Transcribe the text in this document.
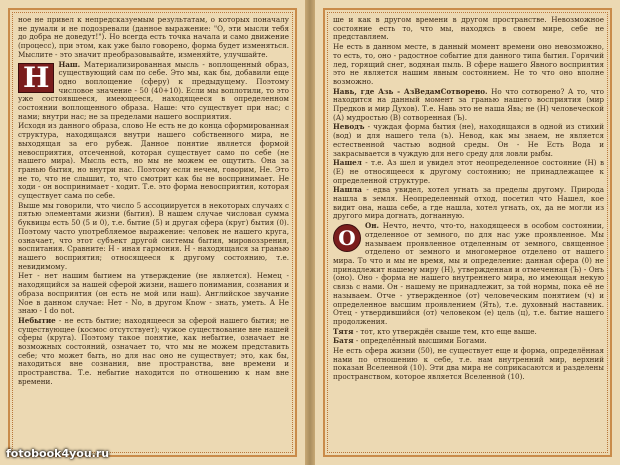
ное не привел к непредсказуемым результатам, о которых поначалу не думали и не подозревали (данное выражение: "О, эти мысли тебя до добра не доведут!"). Но всегда есть точка начала и само движение (процесс), при этом, как уже было говорено, форма будет изменяться. Мыслите - это значит преобразовывайте, изменяйте, улучшайте.

Н	Наш. Материализированная мысль - воплощенный образ, существующий сам по себе. Это мы, как бы, добавили еще одно воплощение (сферу) к предыдущему. Поэтому числовое значение - 50 (40+10). Если мы воплотили, то это уже состоявшееся, имеющееся, находящееся в определенном состоянии воплощенного образа. Наше: что существует при нас; с нами; внутри нас; не за пределами нашего восприятия.

Исходя из данного образа, слово Не есть не до конца сформированная структура, находящаяся внутри нашего собственного мира, не выходящая за его рубеж. Данное понятие является формой невосприятия, отсеченной, которая существует само по себе (не нашего мира). Мысль есть, но мы не можем ее ощутить. Она за гранью бытия, но внутри нас. Поэтому если нечем, говорим, Не. Это не то, что не слышит, то, что смотрит как бы не воспринимает. Не ходи - он воспринимает - ходит. Т.е. это форма невосприятия, которая существует сама по себе.

Выше мы говорили, что число 5 ассоциируется в некоторых случаях с пятью элементами жизни (бытия). В нашем случае числовая сумма буквицы есть 50 (5 и 0), т.е. бытие (5) и другая сфера (круг) бытия (0). Поэтому часто употребляемое выражение: человек не нашего круга, означает, что этот субъект другой системы бытия, мировоззрения, воспитания. Сравните: Н - иная гармония. Н - находящаяся за гранью нашего восприятия; относящееся к другому состоянию, т.е. невидимому.

Нет - нет нашим бытием на утверждение (не является). Немец - находящийся за нашей сферой жизни, нашего понимания, сознания и образа восприятия (он есть не мой или наш). Английское звучание Noe в данном случае: Нет - No, в другом Know - знать, уметь. А Не знаю - I do not.

Небытие - не есть бытие; находящееся за сферой нашего бытия; не существующее (космос отсутствует); чужое существование вне нашей сферы (круга). Поэтому такое понятие, как небытие, означает не возможных состояний, означает то, что мы не можем представить себе; что может быть, но для нас оно не существует; это, как бы, находиться вне сознания, вне пространства, вне времени и пространства. Т.е. небытие находится по отношению к нам вне времени.

fotobook4you.ru

ше и как в другом времени в другом пространстве. Невозможное состояние есть то, что мы, находясь в своем мире, себе не представляем.

Не есть в данном месте, в данный момент времени оно невозможно, то есть, то, оно - радостное событие для данного типа бытия. Горячий лед, горящий снег, водяная пыль. В сфере нашего Явного восприятия это не является нашим явным состоянием. Не то что оно вполне возможно.

Навь, где Азь - АзВедамСотворено. Но что сотворено? А то, что находится на данный момент за гранью нашего восприятия (мир Предков и мир Духов). Т.е. Навь это не наша Явь; не (Н) человеческой (А) мудростью (В) сотворенная (Ъ).

Неводъ - чуждая форма бытия (не), находящаяся в одной из стихий (вод) и для нашего тела (ъ). Невод, как мы знаем, не является естественной частью водной среды. Он - Не Есть Вода и закрасывается в чуждую для него среду для ловли рыбы.

Нашел - т.е. Аз шел и увидел этот неопределенное состояние (Н) в (Е) не относящееся к другому состоянию; не принадлежащее к определенной структуре.

Нашла - едва увидел, хотел угнать за пределы другому. Природа нашла в земля. Неопределенный отход, посетил что Нашел, кое видит она, наша себе, а где нашла, хотел угнать, ох, да не могли из другого мира догнать, догнанную.

О
Он. Нечто, нечто, что-то, находящееся в особом состоянии, отделенное от земного, по для нас уже проявленное. Мы называем проявленное отделенным от земного, священное отделено от земного и многомерное отделено от нашего мира. То что и мы не время, мы и определение: данная сфера (0) не принадлежит нашему миру (Н), утвержденная и отмеченная (Ъ) - Онъ (оно). Оно - форма не нашего внутреннего мира, но имеющая некую связь с нами. Он - нашему не принадлежит, за той нормы, пока её не называем. Отче - утвержденное (от) человеческим понятием (ч) и определенное высшим проявлением (Ять), т.е. духовный наставник. Отец - утвердившийся (от) человеком (е) цель (ц), т.е. бытие нашего продолжения.

Тятя - тот, кто утверждён свыше тем, кто еще выше.

Батя - определённый высшими Богами.

Не есть сфера жизни (50), не существует еще и форма, определённая нами по отношению к себе, т.е. нам внутренний мир, верхний показан Вселенной (10). Эти два мира не соприкасаются и разделены пространством, которое является Вселенной (10).
